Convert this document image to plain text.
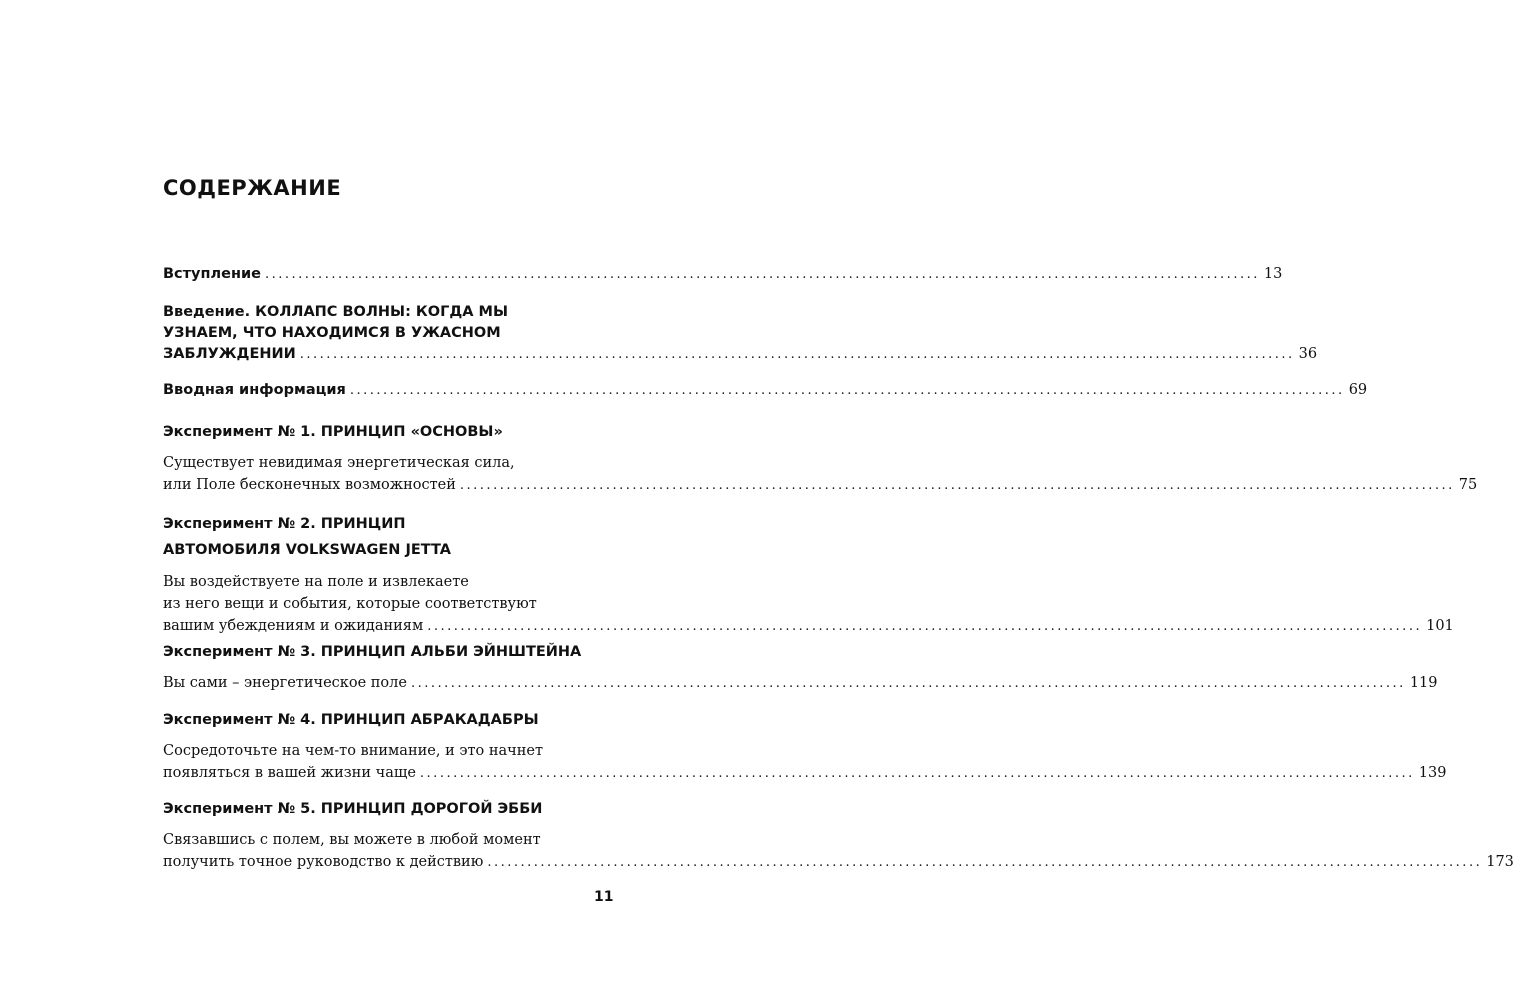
СОДЕРЖАНИЕ
Вступление ...................................................................................................................................................... 13
Введение. КОЛЛАПС ВОЛНЫ: КОГДА МЫ
УЗНАЕМ, ЧТО НАХОДИМСЯ В УЖАСНОМ
ЗАБЛУЖДЕНИИ ...................................................................................................................................................... 36
Вводная информация ...................................................................................................................................................... 69
Эксперимент № 1. ПРИНЦИП «ОСНОВЫ»
Существует невидимая энергетическая сила,
или Поле бесконечных возможностей ...................................................................................................................................................... 75
Эксперимент № 2. ПРИНЦИП
АВТОМОБИЛЯ VOLKSWAGEN JETTA
Вы воздействуете на поле и извлекаете
из него вещи и события, которые соответствуют
вашим убеждениям и ожиданиям ...................................................................................................................................................... 101
Эксперимент № 3. ПРИНЦИП АЛЬБИ ЭЙНШТЕЙНА
Вы сами – энергетическое поле ...................................................................................................................................................... 119
Эксперимент № 4. ПРИНЦИП АБРАКАДАБРЫ
Сосредоточьте на чем-то внимание, и это начнет
появляться в вашей жизни чаще ...................................................................................................................................................... 139
Эксперимент № 5. ПРИНЦИП ДОРОГОЙ ЭББИ
Связавшись с полем, вы можете в любой момент
получить точное руководство к действию ...................................................................................................................................................... 173
11
